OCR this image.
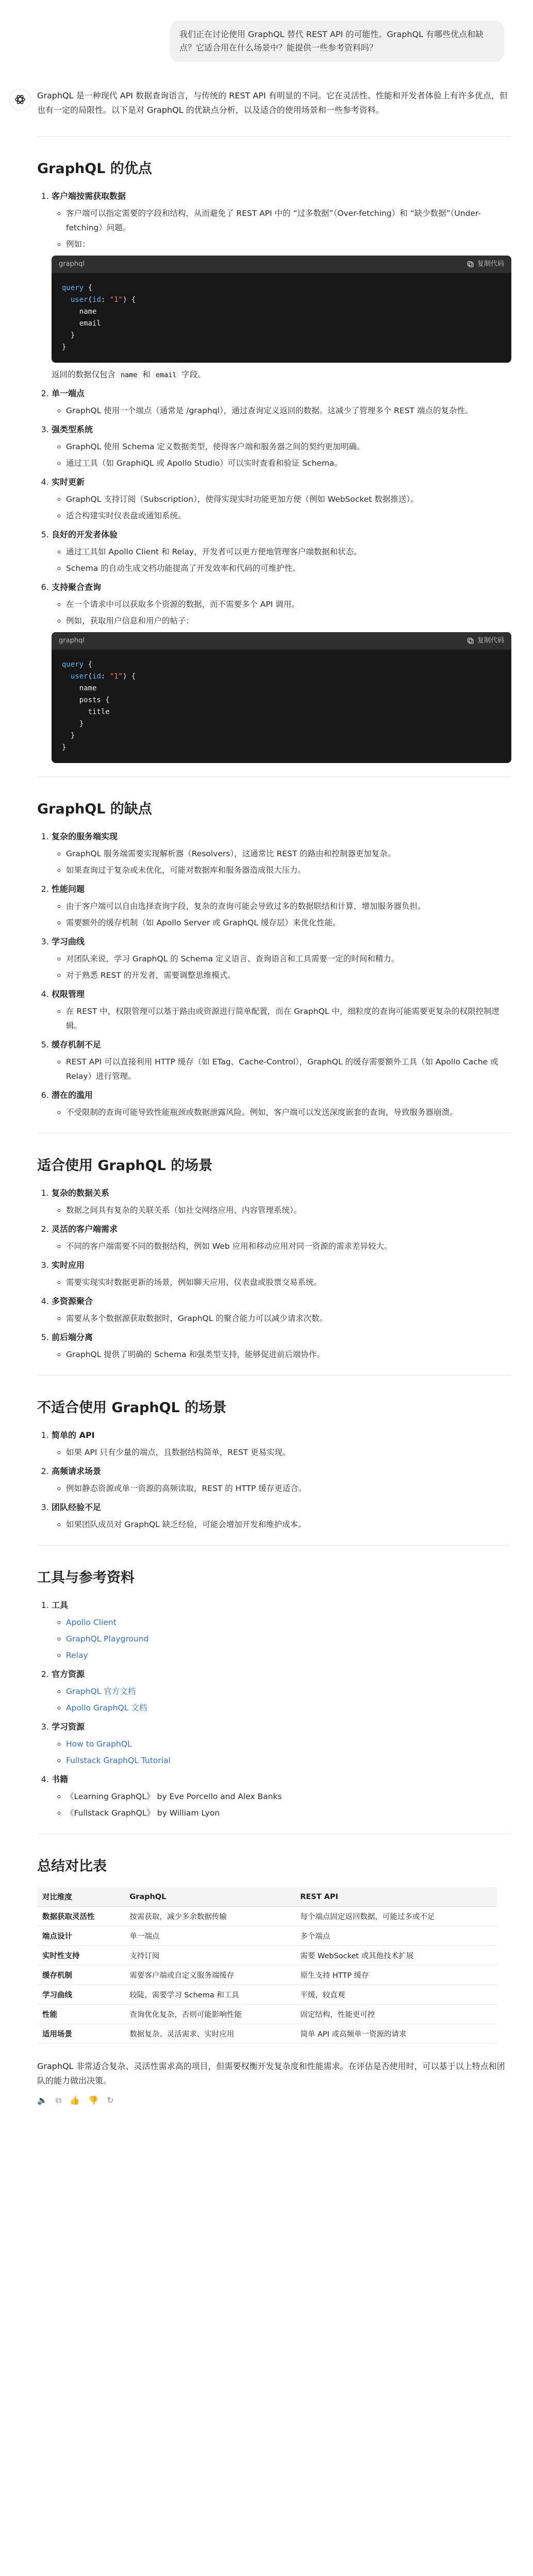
我们正在讨论使用 GraphQL 替代 REST API 的可能性。GraphQL 有哪些优点和缺点？它适合用在什么场景中？能提供一些参考资料吗？

GraphQL 是一种现代 API 数据查询语言，与传统的 REST API 有明显的不同。它在灵活性、性能和开发者体验上有许多优点，但也有一定的局限性。以下是对 GraphQL 的优缺点分析，以及适合的使用场景和一些参考资料。

GraphQL 的优点
1. 客户端按需获取数据
◦ 客户端可以指定需要的字段和结构，从而避免了 REST API 中的 “过多数据”（Over-fetching）和 “缺少数据”（Under-fetching）问题。
◦ 例如：
graphql	复制代码
query {
user(id: "1") {
name
email
}
}
返回的数据仅包含 name 和 email 字段。
2. 单一端点
◦ GraphQL 使用一个端点（通常是 /graphql），通过查询定义返回的数据。这减少了管理多个 REST 端点的复杂性。
3. 强类型系统
◦ GraphQL 使用 Schema 定义数据类型，使得客户端和服务器之间的契约更加明确。
◦ 通过工具（如 GraphiQL 或 Apollo Studio）可以实时查看和验证 Schema。
4. 实时更新
◦ GraphQL 支持订阅（Subscription），使得实现实时功能更加方便（例如 WebSocket 数据推送）。
◦ 适合构建实时仪表盘或通知系统。
5. 良好的开发者体验
◦ 通过工具如 Apollo Client 和 Relay，开发者可以更方便地管理客户端数据和状态。
◦ Schema 的自动生成文档功能提高了开发效率和代码的可维护性。
6. 支持聚合查询
◦ 在一个请求中可以获取多个资源的数据，而不需要多个 API 调用。
◦ 例如，获取用户信息和用户的帖子：
graphql	复制代码
query {
user(id: "1") {
name
posts {
title
}
}
}
GraphQL 的缺点
1. 复杂的服务端实现
◦ GraphQL 服务端需要实现解析器（Resolvers），这通常比 REST 的路由和控制器更加复杂。
◦ 如果查询过于复杂或未优化，可能对数据库和服务器造成很大压力。
2. 性能问题
◦ 由于客户端可以自由选择查询字段，复杂的查询可能会导致过多的数据联结和计算，增加服务器负担。
◦ 需要额外的缓存机制（如 Apollo Server 或 GraphQL 缓存层）来优化性能。
3. 学习曲线
◦ 对团队来说，学习 GraphQL 的 Schema 定义语言、查询语言和工具需要一定的时间和精力。
◦ 对于熟悉 REST 的开发者，需要调整思维模式。
4. 权限管理
◦ 在 REST 中，权限管理可以基于路由或资源进行简单配置，而在 GraphQL 中，细粒度的查询可能需要更复杂的权限控制逻辑。
5. 缓存机制不足
◦ REST API 可以直接利用 HTTP 缓存（如 ETag、Cache-Control），GraphQL 的缓存需要额外工具（如 Apollo Cache 或 Relay）进行管理。
6. 潜在的滥用
◦ 不受限制的查询可能导致性能瓶颈或数据泄露风险。例如，客户端可以发送深度嵌套的查询，导致服务器崩溃。
适合使用 GraphQL 的场景
1. 复杂的数据关系
◦ 数据之间具有复杂的关联关系（如社交网络应用、内容管理系统）。
2. 灵活的客户端需求
◦ 不同的客户端需要不同的数据结构，例如 Web 应用和移动应用对同一资源的需求差异较大。
3. 实时应用
◦ 需要实现实时数据更新的场景，例如聊天应用、仪表盘或股票交易系统。
4. 多资源聚合
◦ 需要从多个数据源获取数据时，GraphQL 的聚合能力可以减少请求次数。
5. 前后端分离
◦ GraphQL 提供了明确的 Schema 和强类型支持，能够促进前后端协作。
不适合使用 GraphQL 的场景
1. 简单的 API
◦ 如果 API 只有少量的端点，且数据结构简单，REST 更易实现。
2. 高频请求场景
◦ 例如静态资源或单一资源的高频读取，REST 的 HTTP 缓存更适合。
3. 团队经验不足
◦ 如果团队成员对 GraphQL 缺乏经验，可能会增加开发和维护成本。
工具与参考资料
1. 工具
◦ Apollo Client
◦ GraphQL Playground
◦ Relay
2. 官方资源
◦ GraphQL 官方文档
◦ Apollo GraphQL 文档
3. 学习资源
◦ How to GraphQL
◦ Fullstack GraphQL Tutorial
4. 书籍
◦ 《Learning GraphQL》 by Eve Porcello and Alex Banks
◦ 《Fullstack GraphQL》 by William Lyon
总结对比表
对比维度	GraphQL	REST API
数据获取灵活性	按需获取，减少多余数据传输	每个端点固定返回数据，可能过多或不足
端点设计	单一端点	多个端点
实时性支持	支持订阅	需要 WebSocket 或其他技术扩展
缓存机制	需要客户端或自定义服务端缓存	原生支持 HTTP 缓存
学习曲线	较陡，需要学习 Schema 和工具	平缓，较直观
性能	查询优化复杂，否则可能影响性能	固定结构，性能更可控
适用场景	数据复杂、灵活需求、实时应用	简单 API 或高频单一资源的请求

GraphQL 非常适合复杂、灵活性需求高的项目，但需要权衡开发复杂度和性能需求。在评估是否使用时，可以基于以上特点和团队的能力做出决策。

🔈 ⧉ 👍 👎 ↻
